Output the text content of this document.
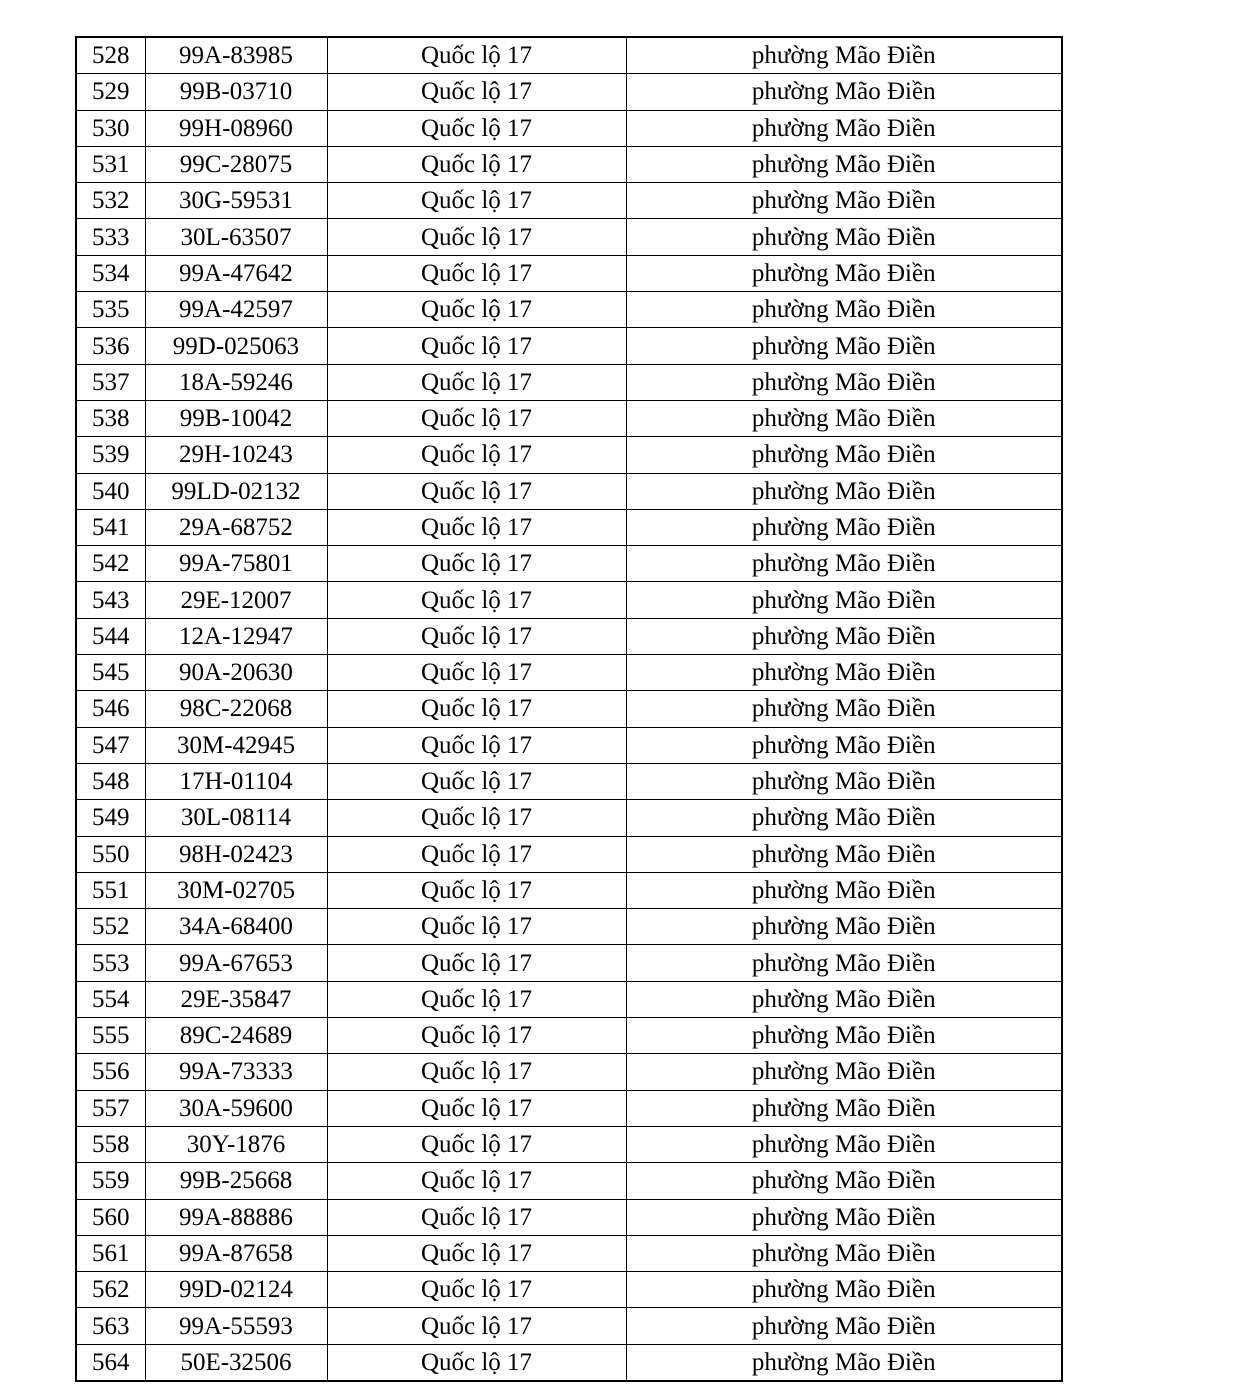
528	99A-83985	Quốc lộ 17	phường Mão Điền
529	99B-03710	Quốc lộ 17	phường Mão Điền
530	99H-08960	Quốc lộ 17	phường Mão Điền
531	99C-28075	Quốc lộ 17	phường Mão Điền
532	30G-59531	Quốc lộ 17	phường Mão Điền
533	30L-63507	Quốc lộ 17	phường Mão Điền
534	99A-47642	Quốc lộ 17	phường Mão Điền
535	99A-42597	Quốc lộ 17	phường Mão Điền
536	99D-025063	Quốc lộ 17	phường Mão Điền
537	18A-59246	Quốc lộ 17	phường Mão Điền
538	99B-10042	Quốc lộ 17	phường Mão Điền
539	29H-10243	Quốc lộ 17	phường Mão Điền
540	99LD-02132	Quốc lộ 17	phường Mão Điền
541	29A-68752	Quốc lộ 17	phường Mão Điền
542	99A-75801	Quốc lộ 17	phường Mão Điền
543	29E-12007	Quốc lộ 17	phường Mão Điền
544	12A-12947	Quốc lộ 17	phường Mão Điền
545	90A-20630	Quốc lộ 17	phường Mão Điền
546	98C-22068	Quốc lộ 17	phường Mão Điền
547	30M-42945	Quốc lộ 17	phường Mão Điền
548	17H-01104	Quốc lộ 17	phường Mão Điền
549	30L-08114	Quốc lộ 17	phường Mão Điền
550	98H-02423	Quốc lộ 17	phường Mão Điền
551	30M-02705	Quốc lộ 17	phường Mão Điền
552	34A-68400	Quốc lộ 17	phường Mão Điền
553	99A-67653	Quốc lộ 17	phường Mão Điền
554	29E-35847	Quốc lộ 17	phường Mão Điền
555	89C-24689	Quốc lộ 17	phường Mão Điền
556	99A-73333	Quốc lộ 17	phường Mão Điền
557	30A-59600	Quốc lộ 17	phường Mão Điền
558	30Y-1876	Quốc lộ 17	phường Mão Điền
559	99B-25668	Quốc lộ 17	phường Mão Điền
560	99A-88886	Quốc lộ 17	phường Mão Điền
561	99A-87658	Quốc lộ 17	phường Mão Điền
562	99D-02124	Quốc lộ 17	phường Mão Điền
563	99A-55593	Quốc lộ 17	phường Mão Điền
564	50E-32506	Quốc lộ 17	phường Mão Điền
